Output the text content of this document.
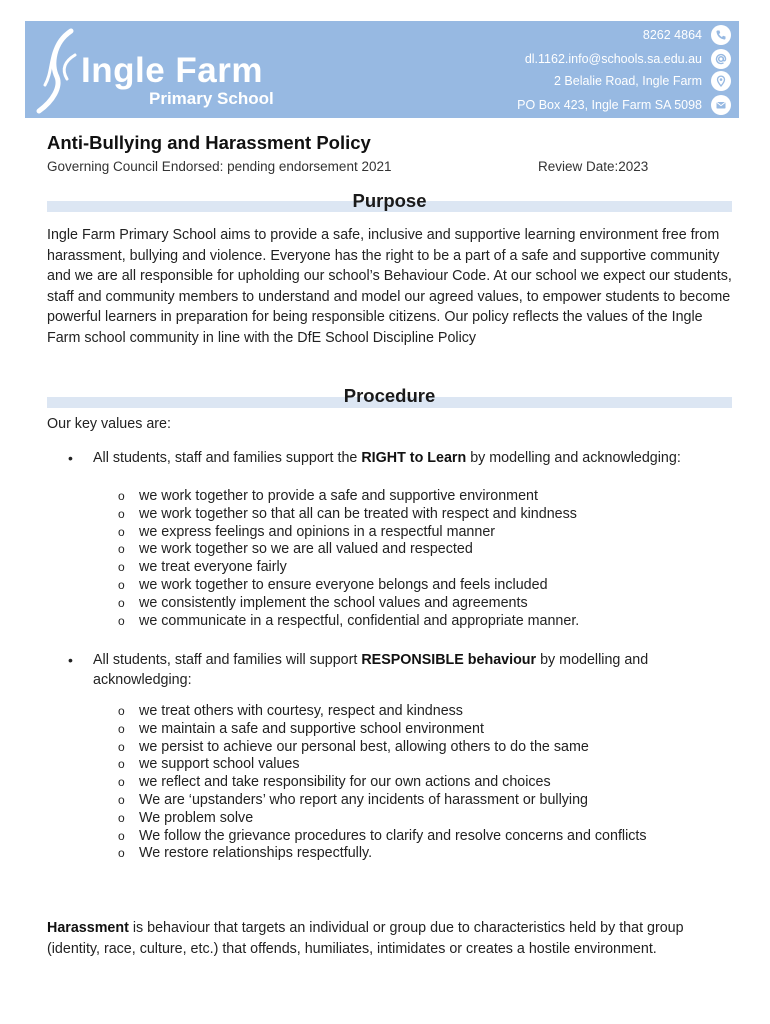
Ingle Farm
Primary School
8262 4864
dl.1162.info@schools.sa.edu.au
2 Belalie Road, Ingle Farm
PO Box 423, Ingle Farm SA 5098
Anti-Bullying and Harassment Policy
Governing Council Endorsed: pending endorsement 2021	Review Date:2023
Purpose
Ingle Farm Primary School aims to provide a safe, inclusive and supportive learning environment free from harassment, bullying and violence. Everyone has the right to be a part of a safe and supportive community and we are all responsible for upholding our school’s Behaviour Code. At our school we expect our students, staff and community members to understand and model our agreed values, to empower students to become powerful learners in preparation for being responsible citizens. Our policy reflects the values of the Ingle Farm school community in line with the DfE School Discipline Policy
Procedure
Our key values are:
• All students, staff and families support the RIGHT to Learn by modelling and acknowledging:
o we work together to provide a safe and supportive environment
o we work together so that all can be treated with respect and kindness
o we express feelings and opinions in a respectful manner
o we work together so we are all valued and respected
o we treat everyone fairly
o we work together to ensure everyone belongs and feels included
o we consistently implement the school values and agreements
o we communicate in a respectful, confidential and appropriate manner.
• All students, staff and families will support RESPONSIBLE behaviour by modelling and acknowledging:
o we treat others with courtesy, respect and kindness
o we maintain a safe and supportive school environment
o we persist to achieve our personal best, allowing others to do the same
o we support school values
o we reflect and take responsibility for our own actions and choices
o We are ‘upstanders’ who report any incidents of harassment or bullying
o We problem solve
o We follow the grievance procedures to clarify and resolve concerns and conflicts
o We restore relationships respectfully.
Harassment is behaviour that targets an individual or group due to characteristics held by that group (identity, race, culture, etc.) that offends, humiliates, intimidates or creates a hostile environment.
